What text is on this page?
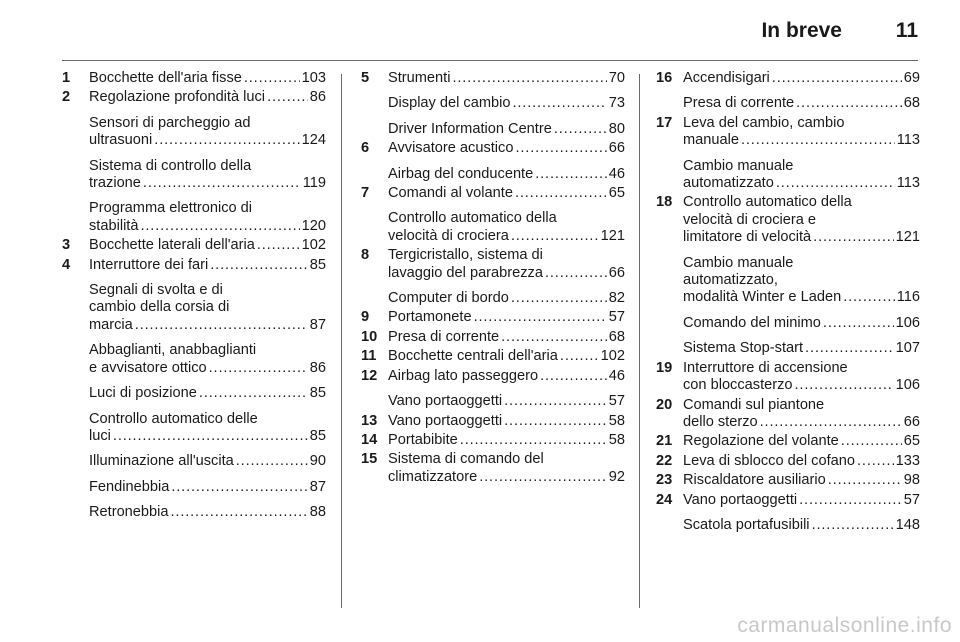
In breve	11
1 Bocchette dell'aria fisse . . .	103
2 Regolazione profondità luci . . .	86
Sensori di parcheggio ad
ultrasuoni . . .	124
Sistema di controllo della
trazione . . .	119
Programma elettronico di
stabilità . . .	120
3 Bocchette laterali dell'aria . . .	102
4 Interruttore dei fari . . .	85
Segnali di svolta e di
cambio della corsia di
marcia . . .	87
Abbaglianti, anabbaglianti
e avvisatore ottico . . .	86
Luci di posizione . . .	85
Controllo automatico delle
luci . . .	85
Illuminazione all'uscita . . .	90
Fendinebbia . . .	87
Retronebbia . . .	88
5 Strumenti . . .	70
Display del cambio . . .	73
Driver Information Centre . . .	80
6 Avvisatore acustico . . .	66
Airbag del conducente . . .	46
7 Comandi al volante . . .	65
Controllo automatico della
velocità di crociera . . .	121
8 Tergicristallo, sistema di
lavaggio del parabrezza . . .	66
Computer di bordo . . .	82
9 Portamonete . . .	57
10 Presa di corrente . . .	68
11 Bocchette centrali dell'aria . . .	102
12 Airbag lato passeggero . . .	46
Vano portaoggetti . . .	57
13 Vano portaoggetti . . .	58
14 Portabibite . . .	58
15 Sistema di comando del
climatizzatore . . .	92
16 Accendisigari . . .	69
Presa di corrente . . .	68
17 Leva del cambio, cambio
manuale . . .	113
Cambio manuale
automatizzato . . .	113
18 Controllo automatico della
velocità di crociera e
limitatore di velocità . . .	121
Cambio manuale
automatizzato,
modalità Winter e Laden . . .	116
Comando del minimo . . .	106
Sistema Stop-start . . .	107
19 Interruttore di accensione
con bloccasterzo . . .	106
20 Comandi sul piantone
dello sterzo . . .	66
21 Regolazione del volante . . .	65
22 Leva di sblocco del cofano . . .	133
23 Riscaldatore ausiliario . . .	98
24 Vano portaoggetti . . .	57
Scatola portafusibili . . .	148
carmanualsonline.info
